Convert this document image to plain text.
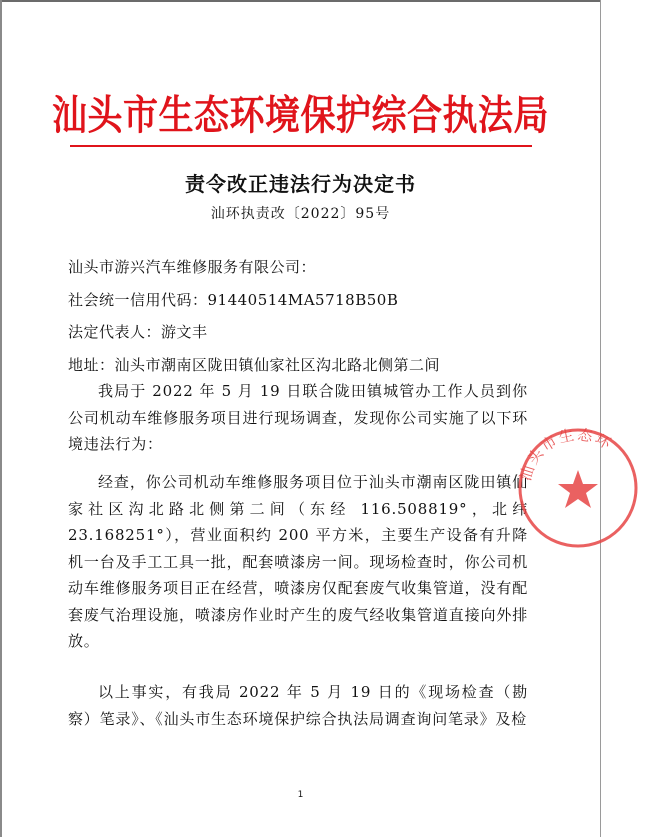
汕头市生态环境保护综合执法局
责令改正违法行为决定书
汕环执责改〔2022〕95号
汕头市游兴汽车维修服务有限公司：
社会统一信用代码：91440514MA5718B50B
法定代表人：游文丰
地址：汕头市潮南区陇田镇仙家社区沟北路北侧第二间
我局于 2022 年 5 月 19 日联合陇田镇城管办工作人员到你公司机动车维修服务项目进行现场调查，发现你公司实施了以下环境违法行为：
经查，你公司机动车维修服务项目位于汕头市潮南区陇田镇仙家社区沟北路北侧第二间（东经 116.508819°，北纬 23.168251°），营业面积约 200 平方米，主要生产设备有升降机一台及手工工具一批，配套喷漆房一间。现场检查时，你公司机动车维修服务项目正在经营，喷漆房仅配套废气收集管道，没有配套废气治理设施，喷漆房作业时产生的废气经收集管道直接向外排放。
以上事实，有我局 2022 年 5 月 19 日的《现场检查（勘察）笔录》、《汕头市生态环境保护综合执法局调查询问笔录》及检
汕头市生态环
1
